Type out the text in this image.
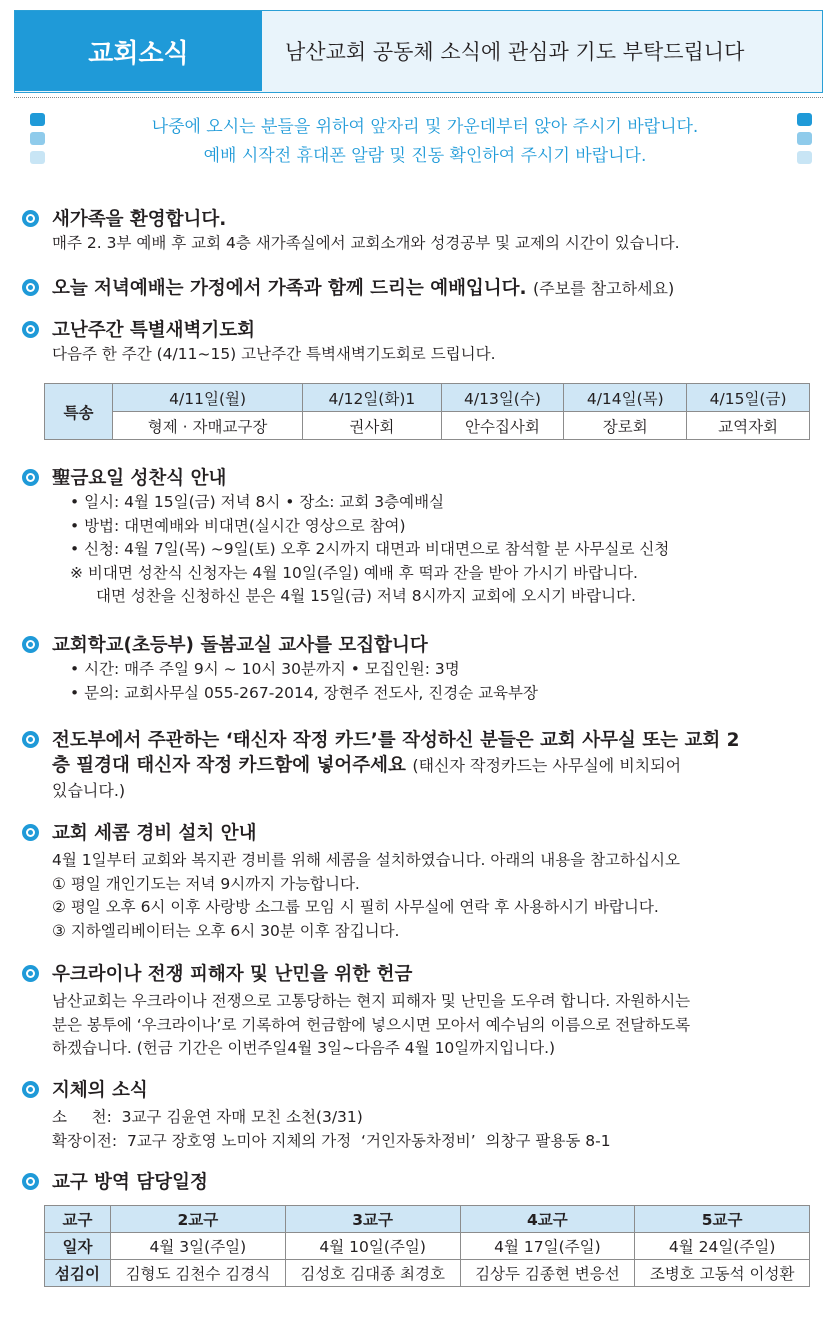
교회소식	남산교회 공동체 소식에 관심과 기도 부탁드립니다
나중에 오시는 분들을 위하여 앞자리 및 가운데부터 앉아 주시기 바랍니다.
예배 시작전 휴대폰 알람 및 진동 확인하여 주시기 바랍니다.
새가족을 환영합니다.
매주 2. 3부 예배 후 교회 4층 새가족실에서 교회소개와 성경공부 및 교제의 시간이 있습니다.
오늘 저녁예배는 가정에서 가족과 함께 드리는 예배입니다. (주보를 참고하세요)
고난주간 특별새벽기도회
다음주 한 주간 (4/11~15) 고난주간 특벽새벽기도회로 드립니다.
특송	4/11일(월)	4/12일(화)1	4/13일(수)	4/14일(목)	4/15일(금)
	형제 · 자매교구장	권사회	안수집사회	장로회	교역자회
聖금요일 성찬식 안내
• 일시: 4월 15일(금) 저녁 8시 • 장소: 교회 3층예배실
• 방법: 대면예배와 비대면(실시간 영상으로 참여)
• 신청: 4월 7일(목) ~9일(토) 오후 2시까지 대면과 비대면으로 참석할 분 사무실로 신청
※ 비대면 성찬식 신청자는 4월 10일(주일) 예배 후 떡과 잔을 받아 가시기 바랍니다.
대면 성찬을 신청하신 분은 4월 15일(금) 저녁 8시까지 교회에 오시기 바랍니다.
교회학교(초등부) 돌봄교실 교사를 모집합니다
• 시간: 매주 주일 9시 ~ 10시 30분까지 • 모집인원: 3명
• 문의: 교회사무실 055-267-2014, 장현주 전도사, 진경순 교육부장
전도부에서 주관하는 ‘태신자 작정 카드’를 작성하신 분들은 교회 사무실 또는 교회 2
층 필경대 태신자 작정 카드함에 넣어주세요 (태신자 작정카드는 사무실에 비치되어
있습니다.)
교회 세콤 경비 설치 안내
4월 1일부터 교회와 복지관 경비를 위해 세콤을 설치하였습니다. 아래의 내용을 참고하십시오
① 평일 개인기도는 저녁 9시까지 가능합니다.
② 평일 오후 6시 이후 사랑방 소그룹 모임 시 필히 사무실에 연락 후 사용하시기 바랍니다.
③ 지하엘리베이터는 오후 6시 30분 이후 잠깁니다.
우크라이나 전쟁 피해자 및 난민을 위한 헌금
남산교회는 우크라이나 전쟁으로 고통당하는 현지 피해자 및 난민을 도우려 합니다. 자원하시는
분은 봉투에 ‘우크라이나’로 기록하여 헌금함에 넣으시면 모아서 예수님의 이름으로 전달하도록
하겠습니다. (헌금 기간은 이번주일4월 3일~다음주 4월 10일까지입니다.)
지체의 소식
소     천:  3교구 김윤연 자매 모친 소천(3/31)
확장이전:  7교구 장호영 노미아 지체의 가정  ‘거인자동차정비’  의창구 팔용동 8-1
교구 방역 담당일정
교구	2교구	3교구	4교구	5교구
일자	4월 3일(주일)	4월 10일(주일)	4월 17일(주일)	4월 24일(주일)
섬김이	김형도 김천수 김경식	김성호 김대종 최경호	김상두 김종현 변응선	조병호 고동석 이성환
